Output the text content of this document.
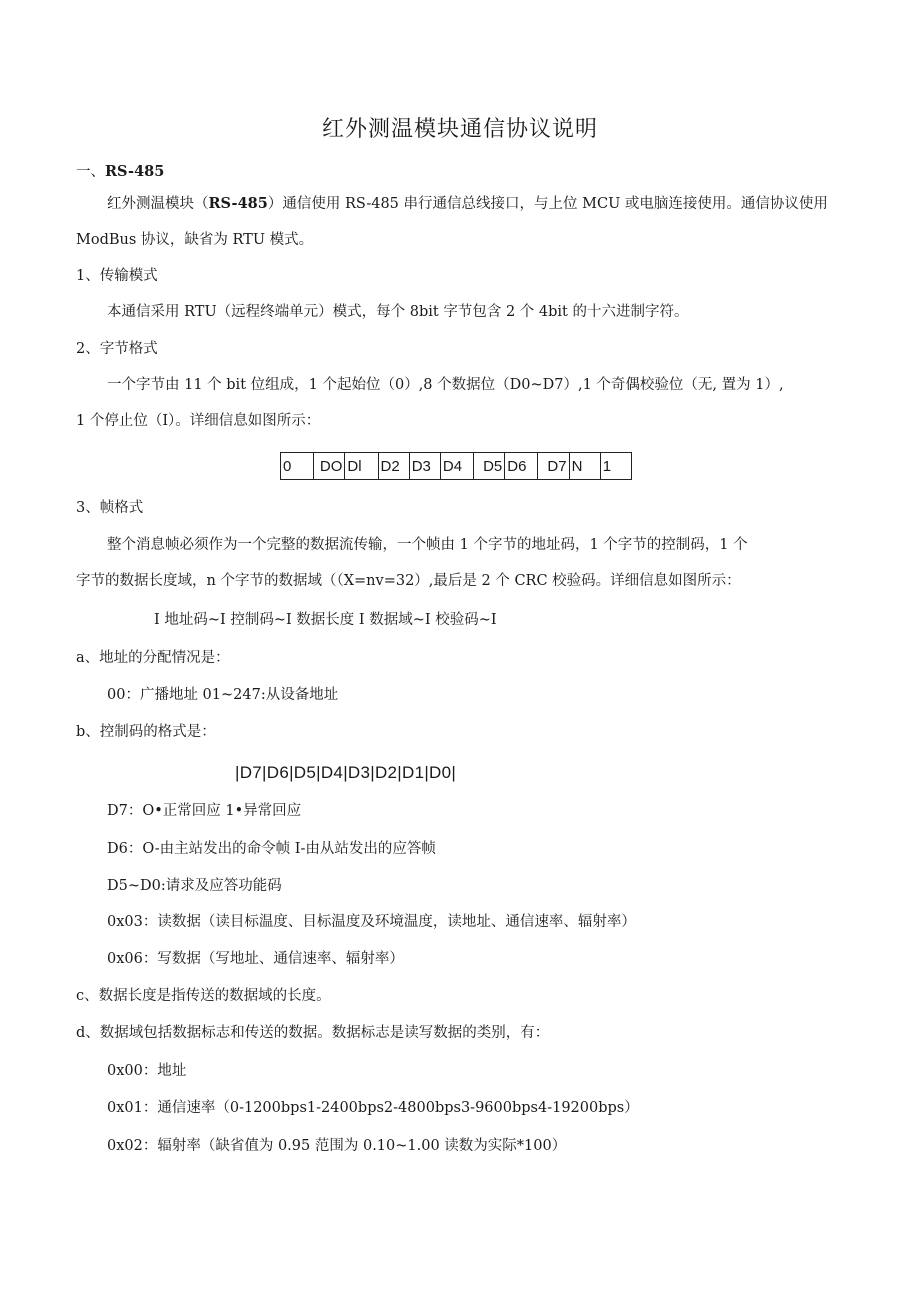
红外测温模块通信协议说明
一、RS-485
红外测温模块（RS-485）通信使用 RS-485 串行通信总线接口，与上位 MCU 或电脑连接使用。通信协议使用
ModBus 协议，缺省为 RTU 模式。
1、传输模式
本通信采用 RTU（远程终端单元）模式，每个 8bit 字节包含 2 个 4bit 的十六进制字符。
2、字节格式
一个字节由 11 个 bit 位组成，1 个起始位（0）,8 个数据位（D0~D7）,1 个奇偶校验位（无, 置为 1）,
1 个停止位（I）。详细信息如图所示：
0	DO	Dl	D2	D3	D4	D5	D6	D7	N	1
3、帧格式
整个消息帧必须作为一个完整的数据流传输，一个帧由 1 个字节的地址码，1 个字节的控制码，1 个
字节的数据长度域，n 个字节的数据域（（X=nv=32）,最后是 2 个 CRC 校验码。详细信息如图所示：
I 地址码~I 控制码~I 数据长度 I 数据域~I 校验码~I
a、地址的分配情况是：
00：广播地址 01~247:从设备地址
b、控制码的格式是：
|D7|D6|D5|D4|D3|D2|D1|D0|
D7：O•正常回应 1•异常回应
D6：O-由主站发出的命令帧 I-由从站发出的应答帧
D5~D0:请求及应答功能码
0x03：读数据（读目标温度、目标温度及环境温度，读地址、通信速率、辐射率）
0x06：写数据（写地址、通信速率、辐射率）
c、数据长度是指传送的数据域的长度。
d、数据域包括数据标志和传送的数据。数据标志是读写数据的类别，有：
0x00：地址
0x01：通信速率（0-1200bps1-2400bps2-4800bps3-9600bps4-19200bps）
0x02：辐射率（缺省值为 0.95 范围为 0.10~1.00 读数为实际*100）
